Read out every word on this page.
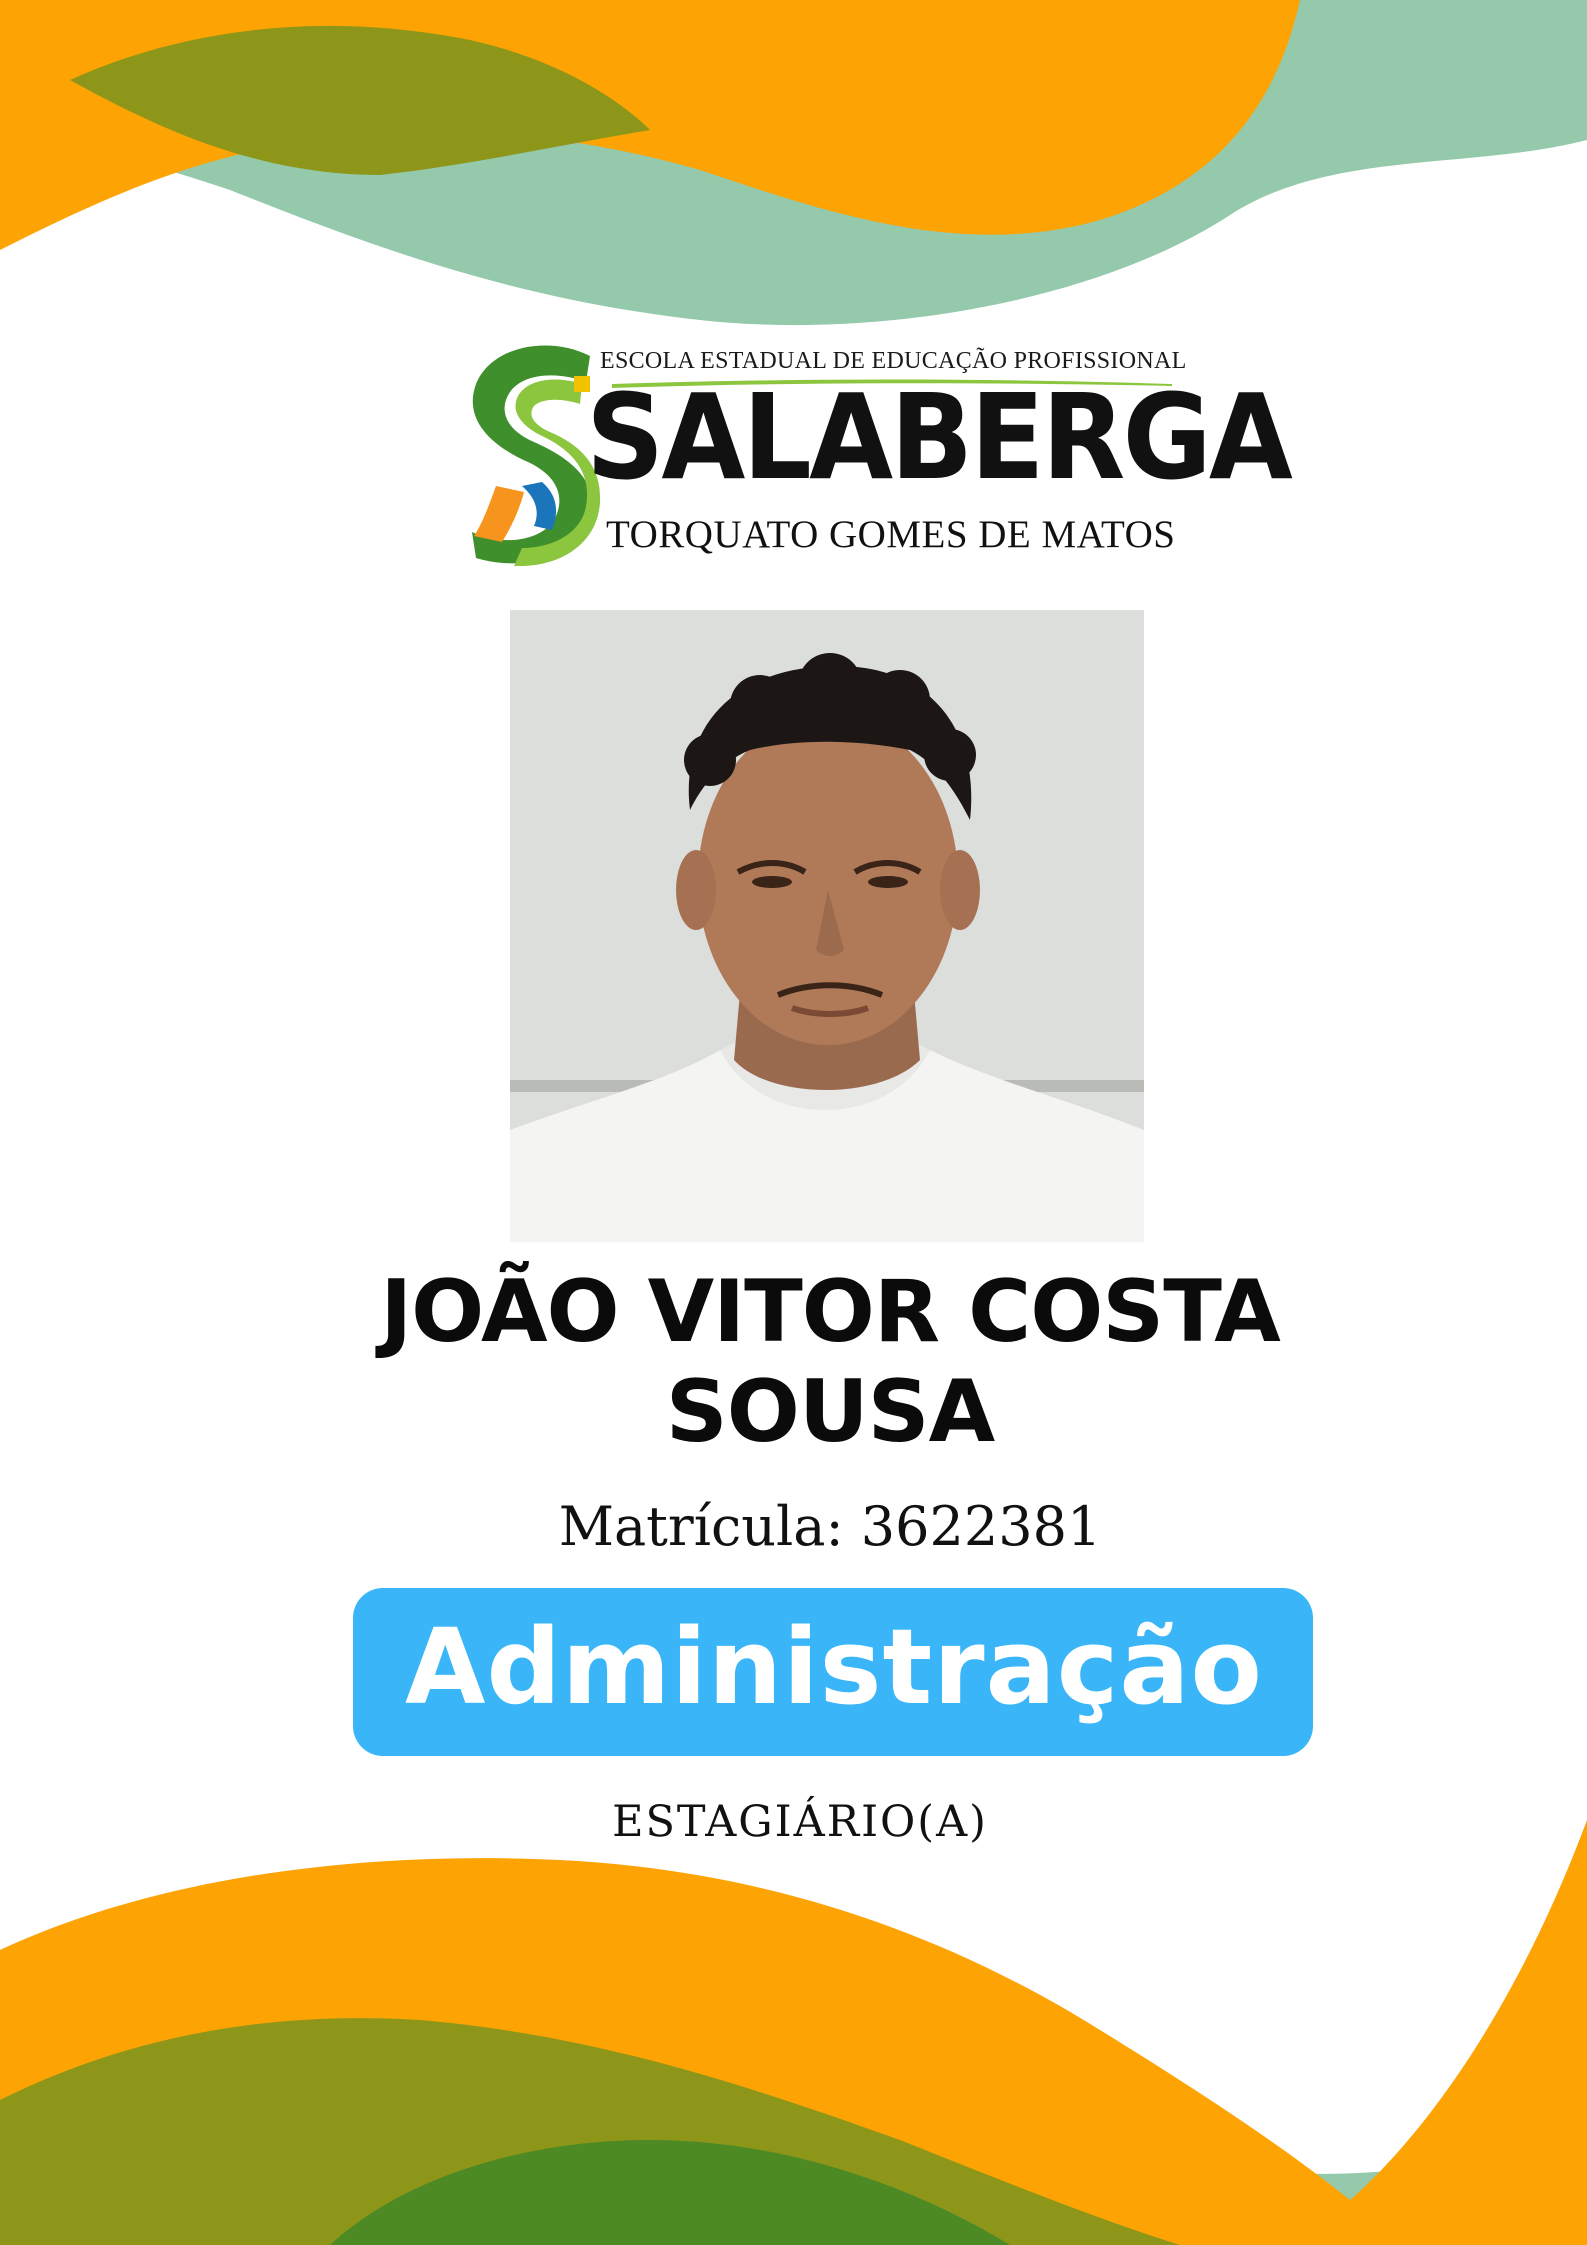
ESCOLA ESTADUAL DE EDUCAÇÃO PROFISSIONAL
SALABERGA
TORQUATO GOMES DE MATOS
JOÃO VITOR COSTA
SOUSA
Matrícula: 3622381
Administração
ESTAGIÁRIO(A)
